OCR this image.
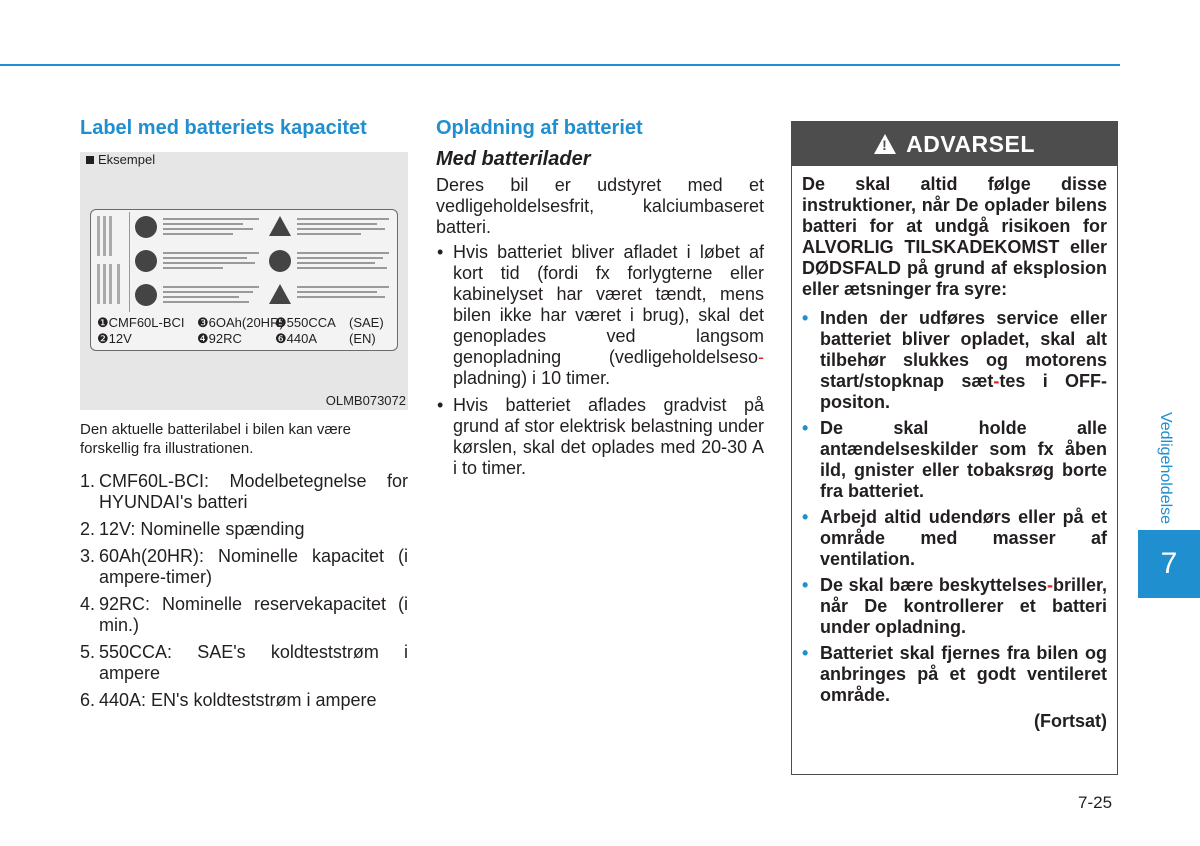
Label med batteriets kapacitet
Eksempel
❶CMF60L-BCI ❸6OAh(20HR)
❺550CCA (SAE)
❷12V	❹92RC	❻440A (EN)
OLMB073072
Den aktuelle batterilabel i bilen kan være forskellig fra illustrationen.
1. CMF60L-BCI: Modelbetegnelse for HYUNDAI's batteri
2. 12V: Nominelle spænding
3. 60Ah(20HR): Nominelle kapacitet (i ampere-timer)
4. 92RC: Nominelle reservekapacitet (i min.)
5. 550CCA: SAE's koldteststrøm i ampere
6. 440A: EN's koldteststrøm i ampere
Opladning af batteriet
Med batterilader
Deres bil er udstyret med et vedligeholdelsesfrit, kalciumbaseret batteri.
• Hvis batteriet bliver afladet i løbet af kort tid (fordi fx forlygterne eller kabinelyset har været tændt, mens bilen ikke har været i brug), skal det genoplades ved langsom genopladning (vedligeholdelseso-pladning) i 10 timer.
• Hvis batteriet aflades gradvist på grund af stor elektrisk belastning under kørslen, skal det oplades med 20-30 A i to timer.
!
ADVARSEL
De skal altid følge disse instruktioner, når De oplader bilens batteri for at undgå risikoen for ALVORLIG TILSKADEKOMST eller DØDSFALD på grund af eksplosion eller ætsninger fra syre:
• Inden der udføres service eller batteriet bliver opladet, skal alt tilbehør slukkes og motorens start/stopknap sæt-tes i OFF-positon.
• De skal holde alle antændelseskilder som fx åben ild, gnister eller tobaksrøg borte fra batteriet.
• Arbejd altid udendørs eller på et område med masser af ventilation.
• De skal bære beskyttelses-briller, når De kontrollerer et batteri under opladning.
• Batteriet skal fjernes fra bilen og anbringes på et godt ventileret område.
(Fortsat)
Vedligeholdelse
7
7-25
